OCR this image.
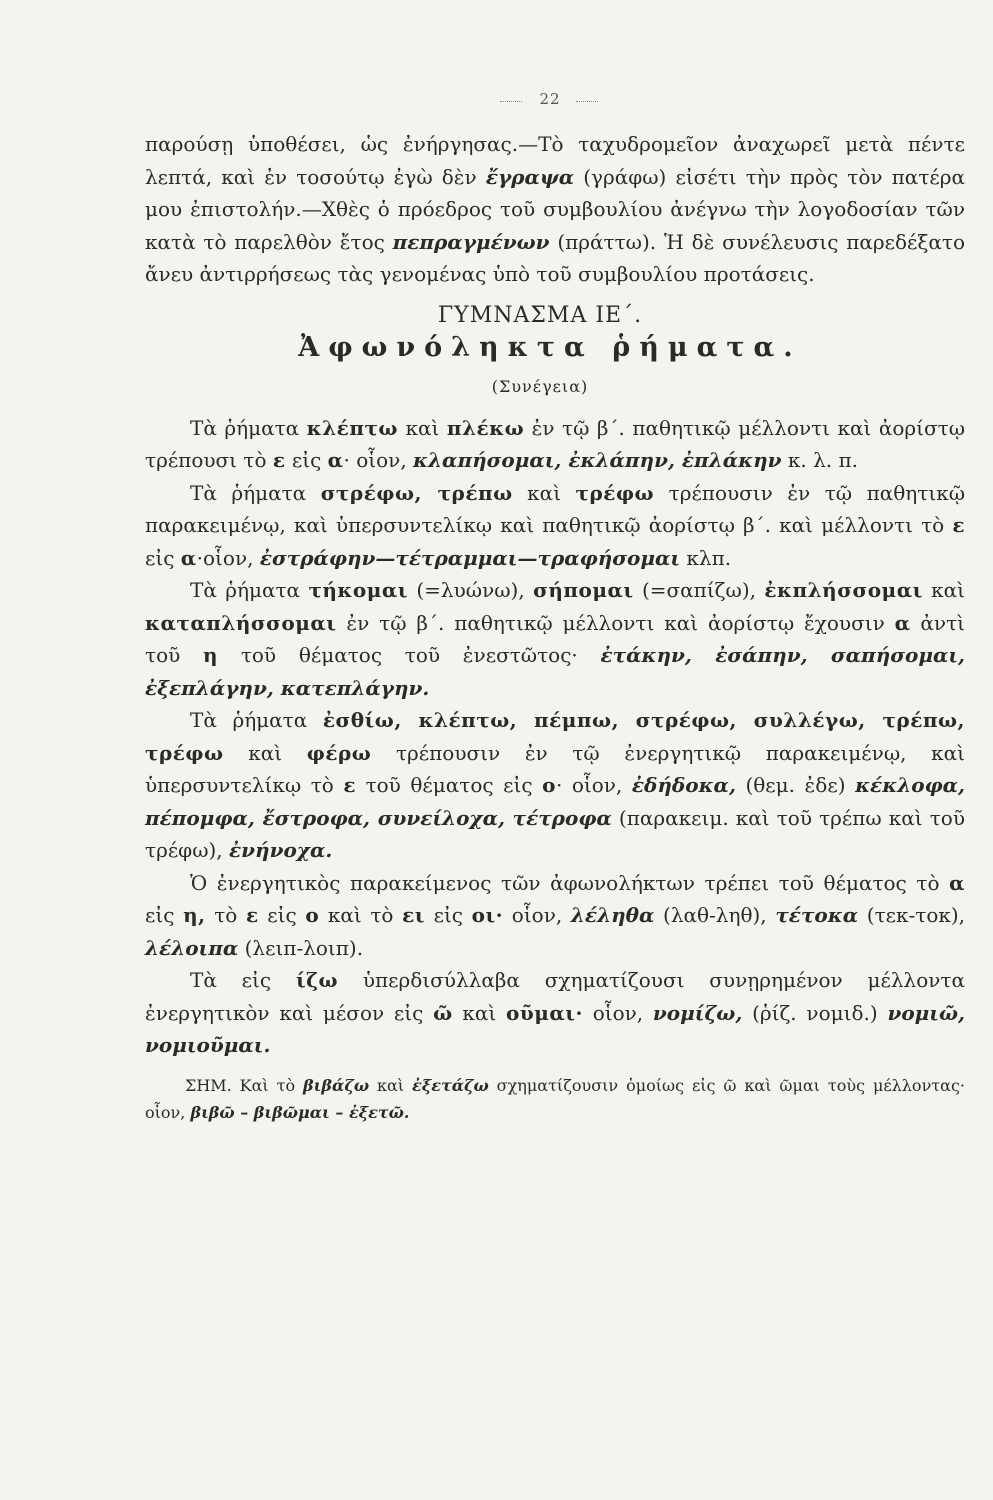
22

παρούσῃ ὑποθέσει, ὡς ἐνήργησας.—Τὸ ταχυδρομεῖον ἀναχωρεῖ μετὰ πέντε λεπτά, καὶ ἐν τοσούτῳ ἐγὼ δὲν ἔγραψα (γράφω) εἰσέτι τὴν πρὸς τὸν πατέρα μου ἐπιστολήν.—Χθὲς ὁ πρόεδρος τοῦ συμβουλίου ἀνέγνω τὴν λογοδοσίαν τῶν κατὰ τὸ παρελθὸν ἔτος πεπραγμένων (πράττω). Ἡ δὲ συνέλευσις παρεδέξατο ἄνευ ἀντιρρήσεως τὰς γενομένας ὑπὸ τοῦ συμβουλίου προτάσεις.

ΓΥΜΝΑΣΜΑ ΙΕ΄.
Ἀφωνόληκτα ῥήματα.
(Συνέγεια)

Τὰ ῥήματα κλέπτω καὶ πλέκω ἐν τῷ β΄. παθητικῷ μέλλοντι καὶ ἀορίστῳ τρέπουσι τὸ ε εἰς α· οἷον, κλαπήσομαι, ἐκλάπην, ἐπλάκην κ. λ. π.

Τὰ ῥήματα στρέφω, τρέπω καὶ τρέφω τρέπουσιν ἐν τῷ παθητικῷ παρακειμένῳ, καὶ ὑπερσυντελίκῳ καὶ παθητικῷ ἀορίστῳ β΄. καὶ μέλλοντι τὸ ε εἰς α·οἷον, ἐστράφην—τέτραμμαι—τραφήσομαι κλπ.

Τὰ ῥήματα τήκομαι (=λυώνω), σήπομαι (=σαπίζω), ἐκπλήσσομαι καὶ καταπλήσσομαι ἐν τῷ β΄. παθητικῷ μέλλοντι καὶ ἀορίστῳ ἔχουσιν α ἀντὶ τοῦ η τοῦ θέματος τοῦ ἐνεστῶτος· ἐτάκην, ἐσάπην, σαπήσομαι, ἐξεπλάγην, κατεπλάγην.

Τὰ ῥήματα ἐσθίω, κλέπτω, πέμπω, στρέφω, συλλέγω, τρέπω, τρέφω καὶ φέρω τρέπουσιν ἐν τῷ ἐνεργητικῷ παρακειμένῳ, καὶ ὑπερσυντελίκῳ τὸ ε τοῦ θέματος εἰς ο· οἷον, ἐδήδοκα, (θεμ. ἐδε) κέκλοφα, πέπομφα, ἔστροφα, συνείλοχα, τέτροφα (παρακειμ. καὶ τοῦ τρέπω καὶ τοῦ τρέφω), ἐνήνοχα.

Ὁ ἐνεργητικὸς παρακείμενος τῶν ἀφωνολήκτων τρέπει τοῦ θέματος τὸ α εἰς η, τὸ ε εἰς ο καὶ τὸ ει εἰς οι· οἷον, λέληθα (λαθ-ληθ), τέτοκα (τεκ-τοκ), λέλοιπα (λειπ-λοιπ).

Τὰ εἰς ίζω ὑπερδισύλλαβα σχηματίζουσι συνῃρημένον μέλλοντα ἐνεργητικὸν καὶ μέσον εἰς ῶ καὶ οῦμαι· οἷον, νομίζω, (ῥίζ. νομιδ.) νομιῶ, νομιοῦμαι.

ΣΗΜ. Καὶ τὸ βιβάζω καὶ ἐξετάζω σχηματίζουσιν ὁμοίως εἰς ῶ καὶ ῶμαι τοὺς μέλλοντας· οἷον, βιβῶ – βιβῶμαι – ἐξετῶ.
